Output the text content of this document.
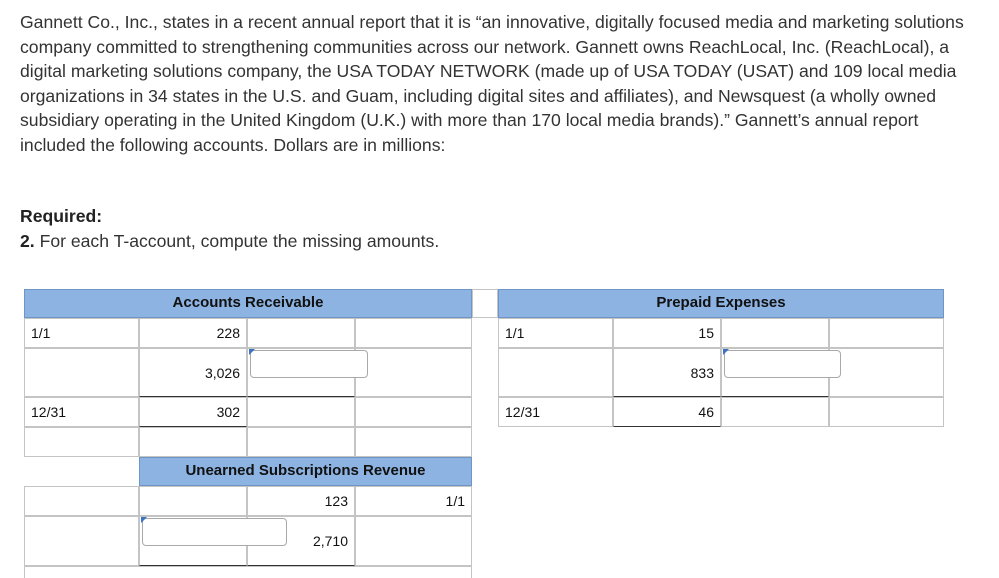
Gannett Co., Inc., states in a recent annual report that it is “an innovative, digitally focused media and marketing solutions company committed to strengthening communities across our network. Gannett owns ReachLocal, Inc. (ReachLocal), a digital marketing solutions company, the USA TODAY NETWORK (made up of USA TODAY (USAT) and 109 local media organizations in 34 states in the U.S. and Guam, including digital sites and affiliates), and Newsquest (a wholly owned subsidiary operating in the United Kingdom (U.K.) with more than 170 local media brands).” Gannett’s annual report included the following accounts. Dollars are in millions:

Required:
2. For each T-account, compute the missing amounts.
Accounts Receivable
1/1	228
3,026
12/31	302
Prepaid Expenses
1/1	15
833
12/31	46
Unearned Subscriptions Revenue
123	1/1
2,710
